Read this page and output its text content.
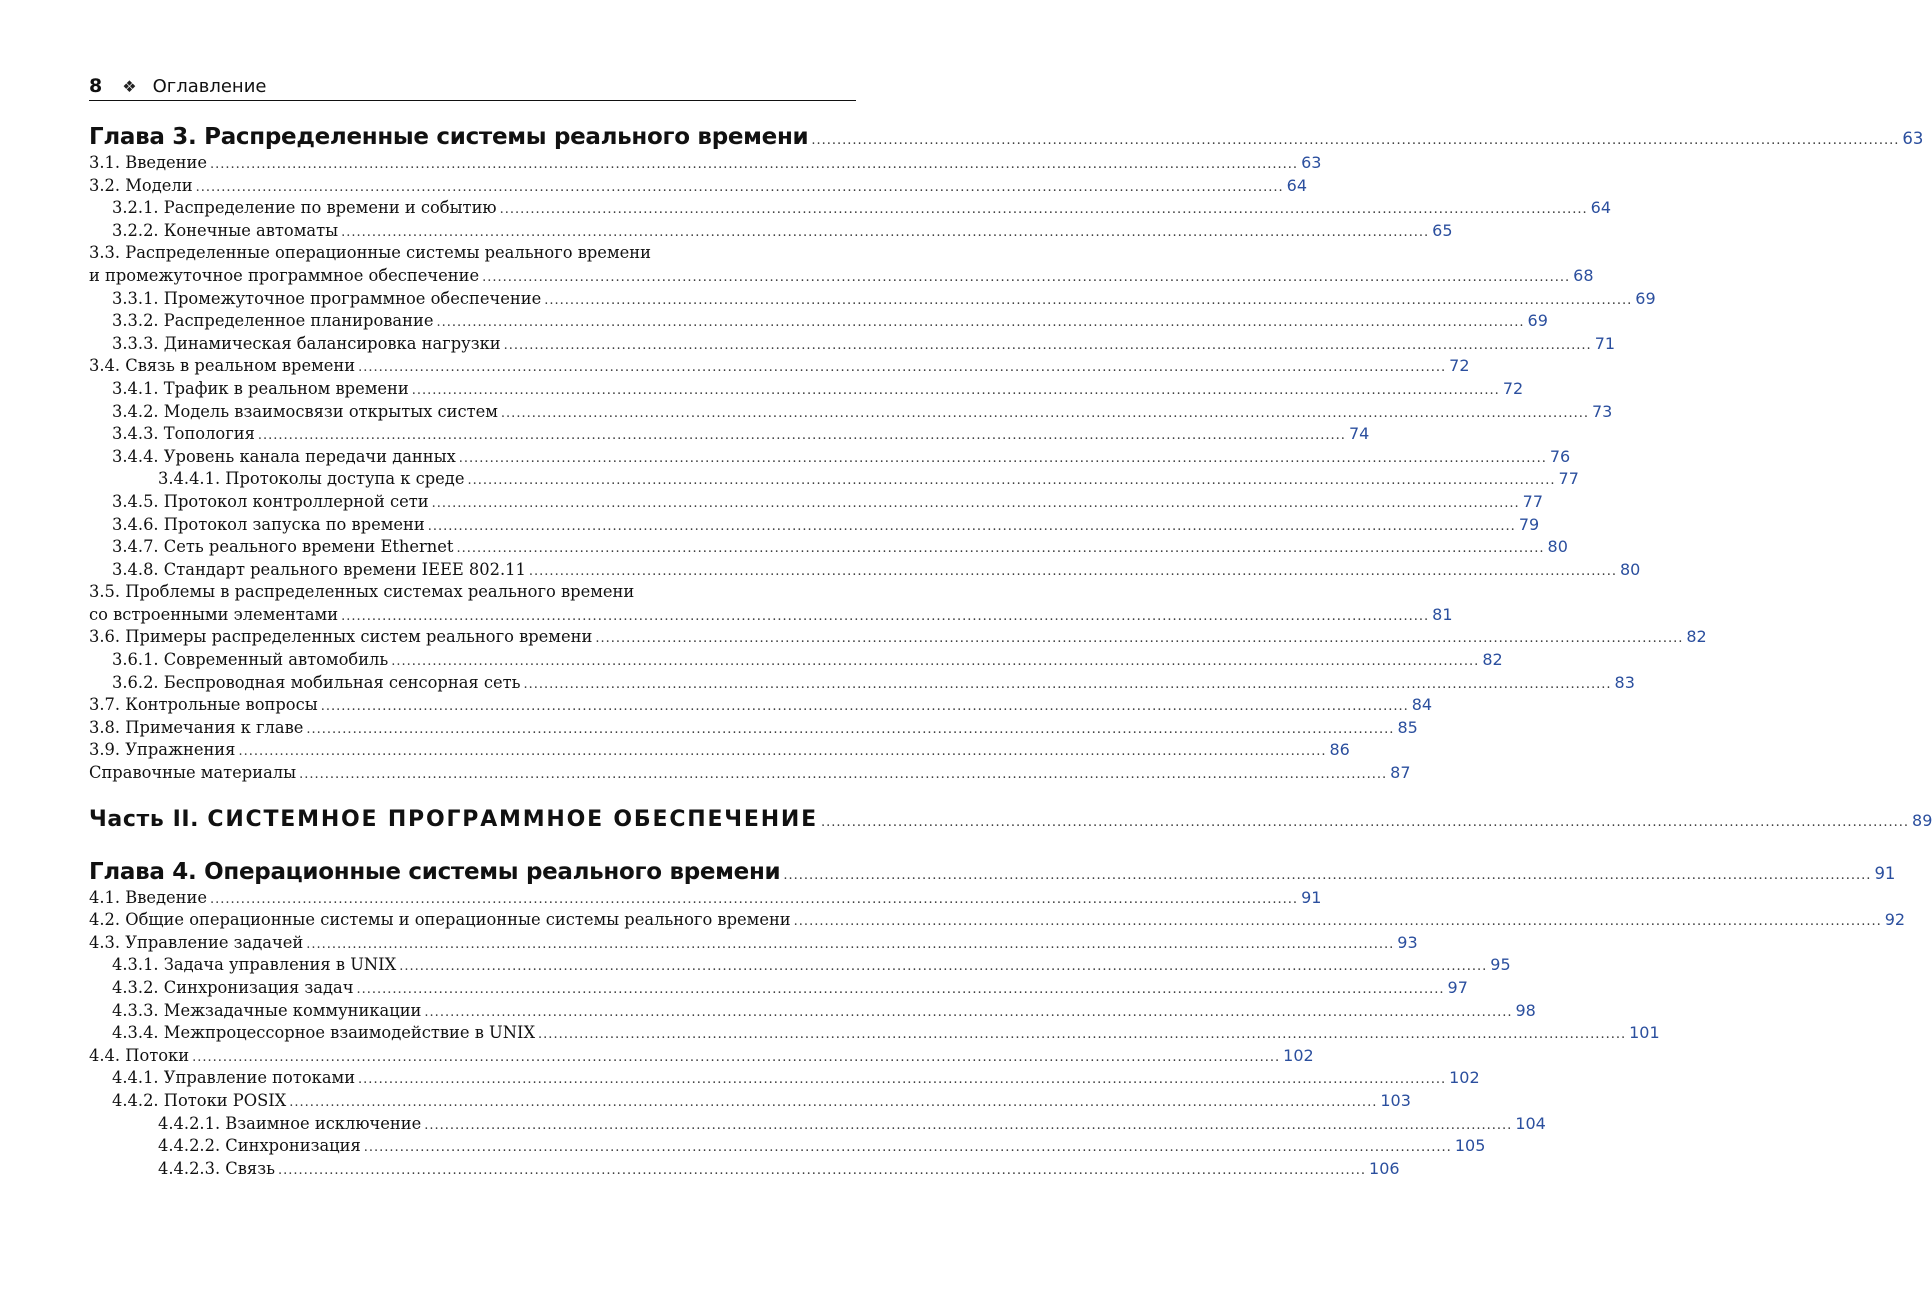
8 ❖ Оглавление
Глава 3. Распределенные системы реального времени .....	63
3.1. Введение .....	63
3.2. Модели .....	64
3.2.1. Распределение по времени и событию .....	64
3.2.2. Конечные автоматы .....	65
3.3. Распределенные операционные системы реального времени
и промежуточное программное обеспечение .....	68
3.3.1. Промежуточное программное обеспечение .....	69
3.3.2. Распределенное планирование .....	69
3.3.3. Динамическая балансировка нагрузки .....	71
3.4. Связь в реальном времени .....	72
3.4.1. Трафик в реальном времени .....	72
3.4.2. Модель взаимосвязи открытых систем .....	73
3.4.3. Топология .....	74
3.4.4. Уровень канала передачи данных .....	76
3.4.4.1. Протоколы доступа к среде .....	77
3.4.5. Протокол контроллерной сети .....	77
3.4.6. Протокол запуска по времени .....	79
3.4.7. Сеть реального времени Ethernet .....	80
3.4.8. Стандарт реального времени IEEE 802.11 .....	80
3.5. Проблемы в распределенных системах реального времени
со встроенными элементами .....	81
3.6. Примеры распределенных систем реального времени .....	82
3.6.1. Современный автомобиль .....	82
3.6.2. Беспроводная мобильная сенсорная сеть .....	83
3.7. Контрольные вопросы .....	84
3.8. Примечания к главе .....	85
3.9. Упражнения .....	86
Справочные материалы .....	87
Часть II. СИСТЕМНОЕ ПРОГРАММНОЕ ОБЕСПЕЧЕНИЕ .....	89
Глава 4. Операционные системы реального времени .....	91
4.1. Введение .....	91
4.2. Общие операционные системы и операционные системы реального времени .....	92
4.3. Управление задачей .....	93
4.3.1. Задача управления в UNIX .....	95
4.3.2. Синхронизация задач .....	97
4.3.3. Межзадачные коммуникации .....	98
4.3.4. Межпроцессорное взаимодействие в UNIX .....	101
4.4. Потоки .....	102
4.4.1. Управление потоками .....	102
4.4.2. Потоки POSIX .....	103
4.4.2.1. Взаимное исключение .....	104
4.4.2.2. Синхронизация .....	105
4.4.2.3. Связь .....	106
